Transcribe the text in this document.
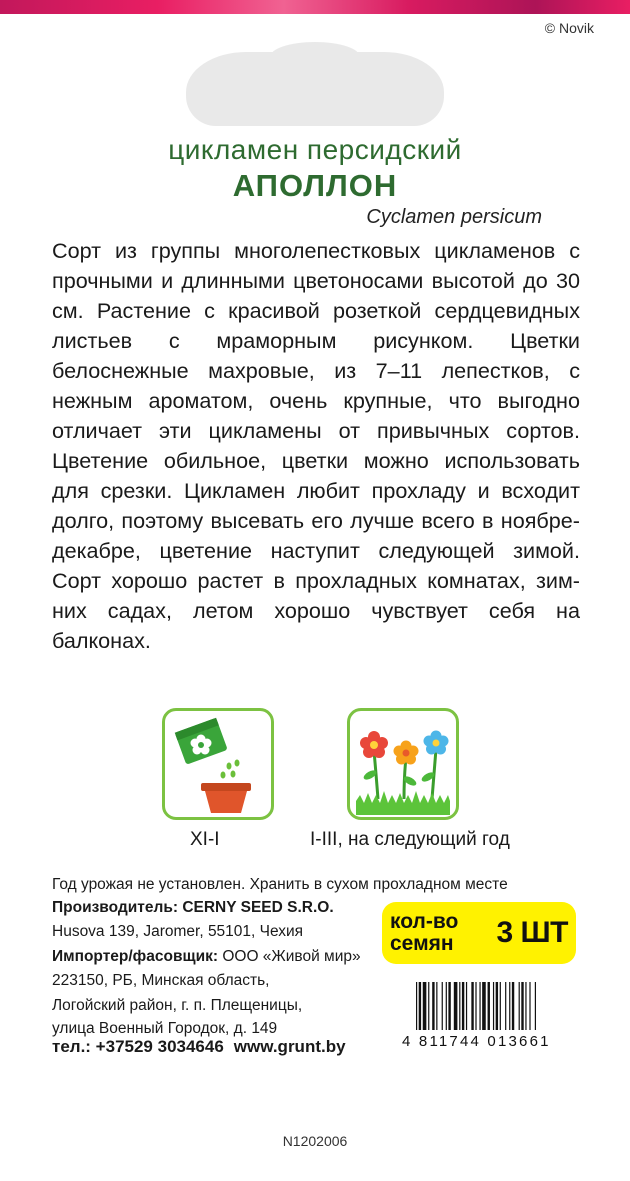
© Novik
цикламен персидский
АПОЛЛОН
Cyclamen persicum
Сорт из группы многолепестковых цикламенов с прочными и длинными цветоносами высотой до 30 см. Растение с красивой розеткой сердцевидных листьев с мраморным рисунком. Цветки белоснежные махровые, из 7–11 лепестков, с нежным ароматом, очень крупные, что выгодно отличает эти цикламены от привычных сортов. Цветение обильное, цветки можно использовать для срезки. Цикламен любит прохладу и всходит долго, поэтому высевать его лучше всего в ноябре-декабре, цветение наступит следующей зимой. Сорт хорошо растет в прохладных комнатах, зимних садах, летом хорошо чувствует себя на балконах.
XI-I	I-III, на следующий год
Год урожая не установлен. Хранить в сухом прохладном месте
Производитель: CERNY SEED S.R.O.
Husova 139, Jaromer, 55101, Чехия
Импортер/фасовщик: ООО «Живой мир»
223150, РБ, Минская область,
Логойский район, г. п. Плещеницы,
улица Военный Городок, д. 149
тел.: +37529 3034646 www.grunt.by
кол-во
семян 3 ШТ
4 811744 013661
N1202006
